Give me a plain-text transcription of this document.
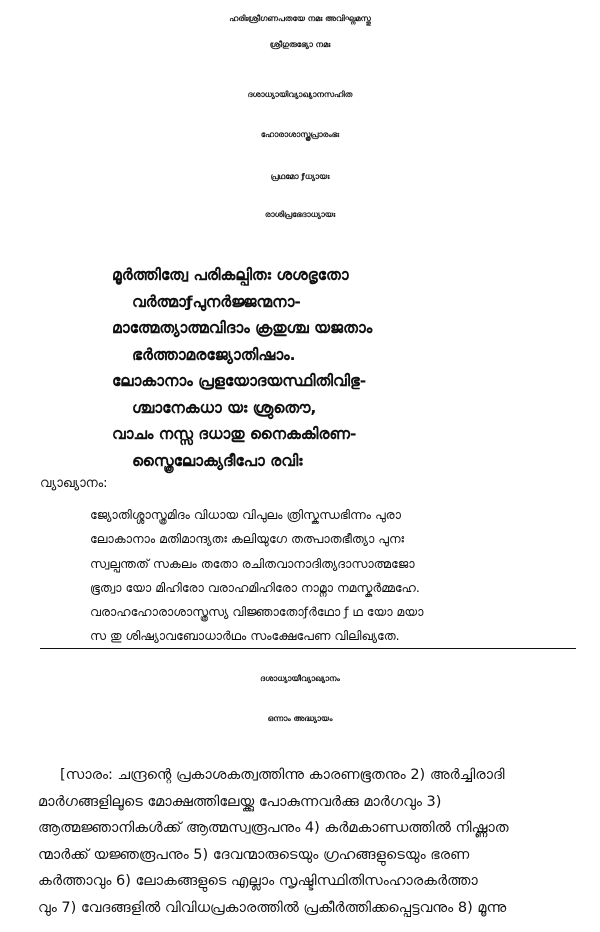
ഹരിഃശ്രീഗണപതയേ നമഃ അവിഘ്നമസ്തു
ശ്രീഗുരുഭ്യോ നമഃ
ദശാധ്യായിവ്യാഖ്യാനസഹിത
ഹോരാശാസ്ത്രപ്രാരംഭഃ
പ്രഥമോ ƒധ്യായഃ
രാശിപ്രഭേദാധ്യായഃ
മൂർത്തിത്വേ പരികല്പിതഃ ശശഭൃതോ
വർത്മാƒപുനർജ്ജന്മനാ-
മാത്മേത്യാത്മവിദാം ക്രതുശ്ച യജതാം
ഭർത്താമരജ്യോതിഷാം.
ലോകാനാം പ്രളയോദയസ്ഥിതിവിഭു-
ശ്ചാനേകധാ യഃ ശ്രുതൌ,
വാചം നസ്സ ദധാതു നൈകകിരണ-
സ്ത്രൈലോക്യദീപോ രവിഃ
വ്യാഖ്യാനം:
ജ്യോതിശ്ശാസ്ത്രമിദം വിധായ വിപുലം ത്രിസ്കന്ധഭിന്നം പുരാ
ലോകാനാം മതിമാന്ദ്യതഃ കലിയുഗേ തത്പാതഭീത്യാ പുനഃ
സ്വല്പന്തത് സകലം തതോ രചിതവാനാദിത്യദാസാത്മജോ
ഭൂത്വാ യോ മിഹിരോ വരാഹമിഹിരോ നാമ്നാ നമസ്കുർമ്മഹേ.
വരാഹഹോരാശാസ്ത്രസ്യ വിജ്ഞാതോƒർഥോ ƒ ഥ യോ മയാ
സ തു ശിഷ്യാവബോധാർഥം സംക്ഷേപേണ വിലിഖ്യതേ.
ദശാധ്യായീവ്യാഖ്യാനം
ഒന്നാം അദ്ധ്യായം
[സാരം: ചന്ദ്രന്റെ പ്രകാശകത്വത്തിന്നു കാരണഭൂതനും 2) അർച്ചിരാദി
മാർഗങ്ങളിലൂടെ മോക്ഷത്തിലേയ്ക്കു പോകുന്നവർക്കു മാർഗവും 3)
ആത്മജ്ഞാനികൾക്ക് ആത്മസ്വരൂപനും 4) കർമകാണ്ഡത്തിൽ നിഷ്ണാത
ന്മാർക്ക് യജ്ഞരൂപനും 5) ദേവന്മാരുടെയും ഗ്രഹങ്ങളുടെയും ഭരണ
കർത്താവും 6) ലോകങ്ങളുടെ എല്ലാം സൃഷ്ടിസ്ഥിതിസംഹാരകർത്താ
വും 7) വേദങ്ങളിൽ വിവിധപ്രകാരത്തിൽ പ്രകീർത്തിക്കപ്പെട്ടവനും 8) മൂന്നു
